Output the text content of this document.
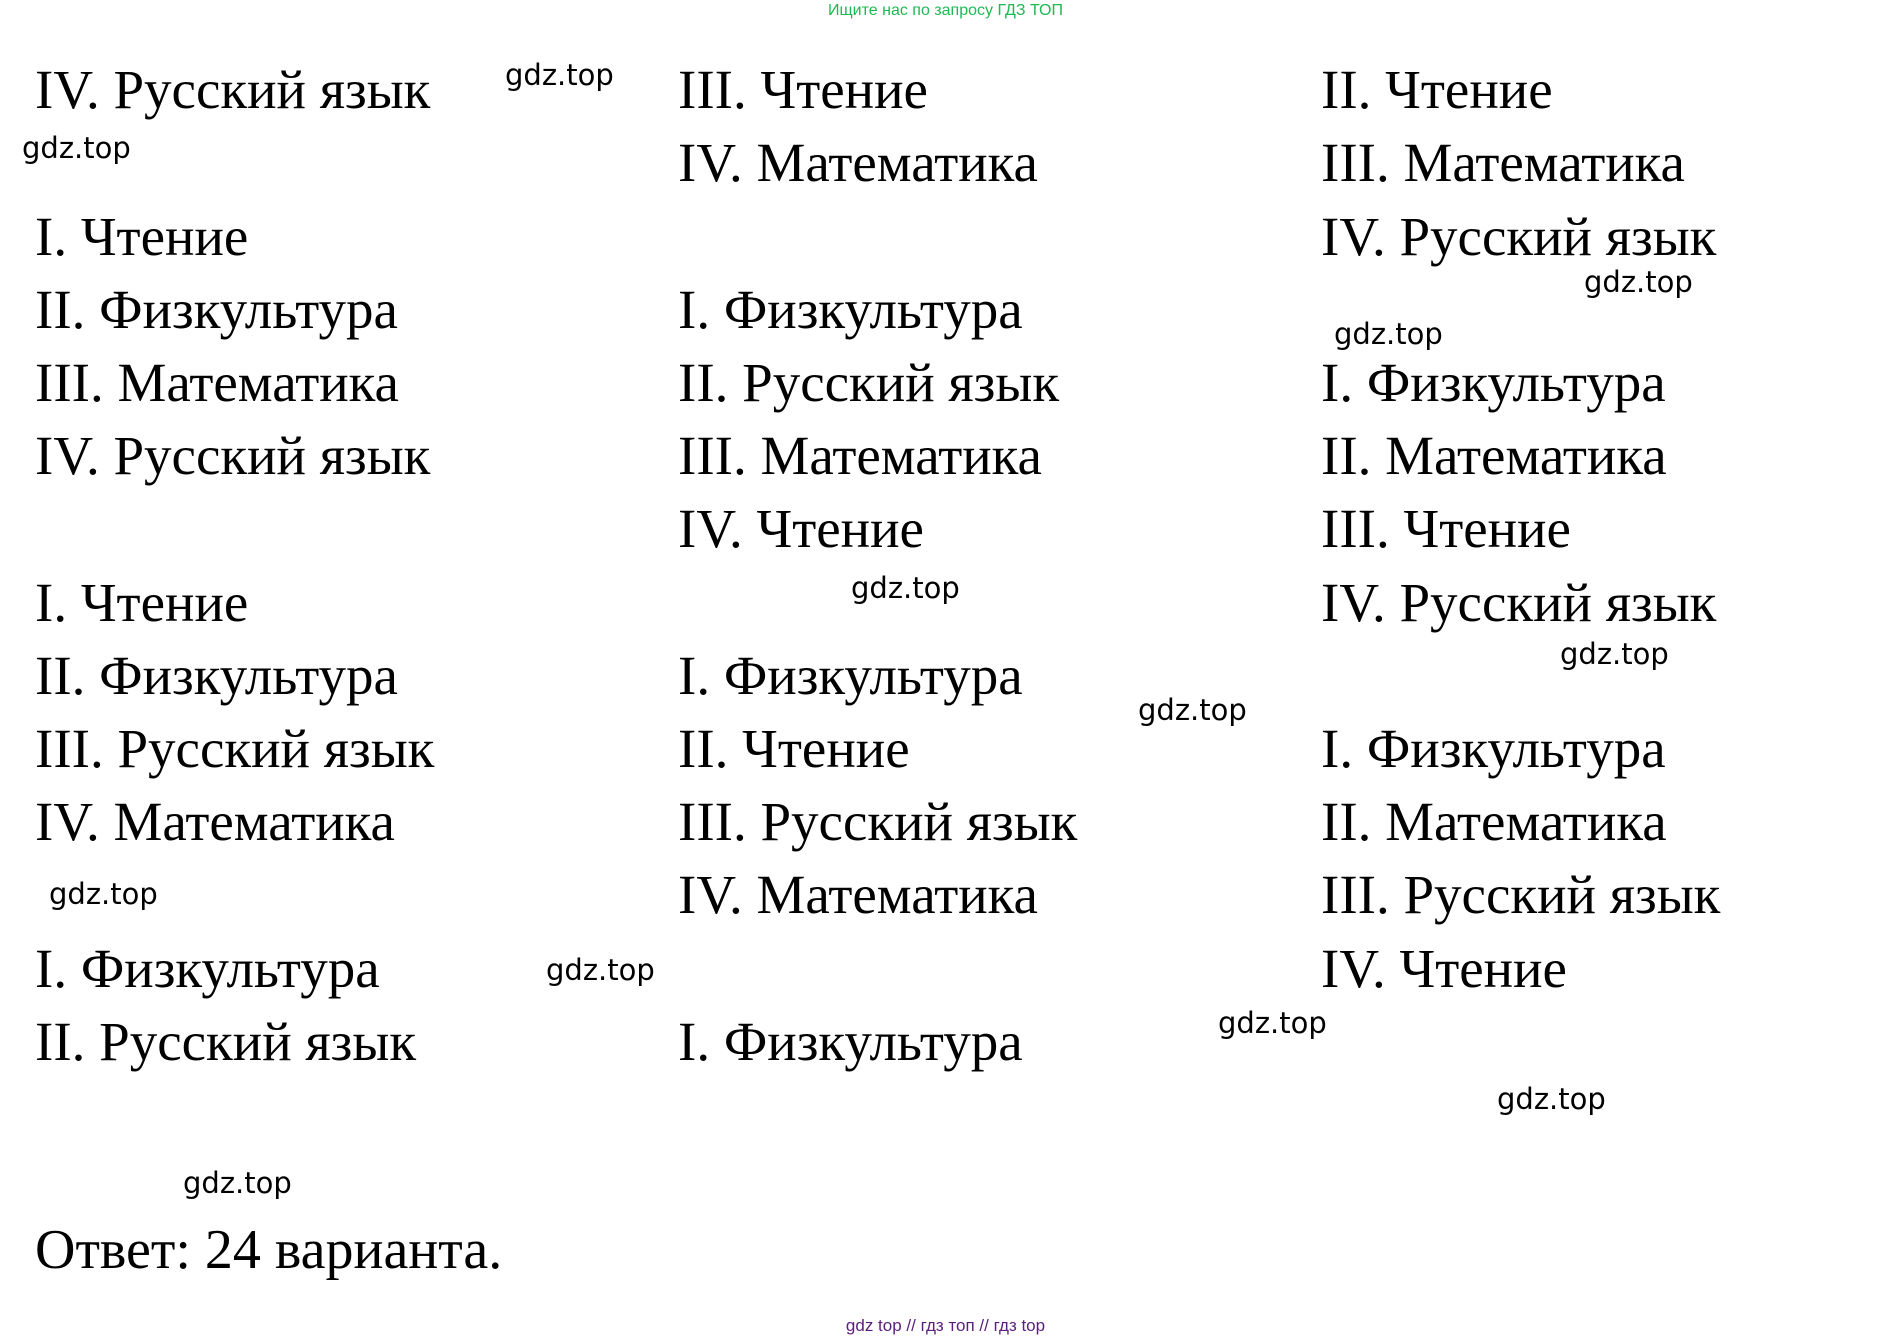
Ищите нас по запросу ГДЗ ТОП
IV. Русский язык
I. Чтение
II. Физкультура
III. Математика
IV. Русский язык
I. Чтение
II. Физкультура
III. Русский язык
IV. Математика
I. Физкультура
II. Русский язык
III. Чтение
IV. Математика
I. Физкультура
II. Русский язык
III. Математика
IV. Чтение
I. Физкультура
II. Чтение
III. Русский язык
IV. Математика
I. Физкультура
II. Чтение
III. Математика
IV. Русский язык
I. Физкультура
II. Математика
III. Чтение
IV. Русский язык
I. Физкультура
II. Математика
III. Русский язык
IV. Чтение
gdz.top
gdz.top
gdz.top
gdz.top
gdz.top
gdz.top
gdz.top
gdz.top
gdz.top
gdz.top
gdz.top
gdz.top
Ответ: 24 варианта.
gdz top // гдз топ // гдз top
